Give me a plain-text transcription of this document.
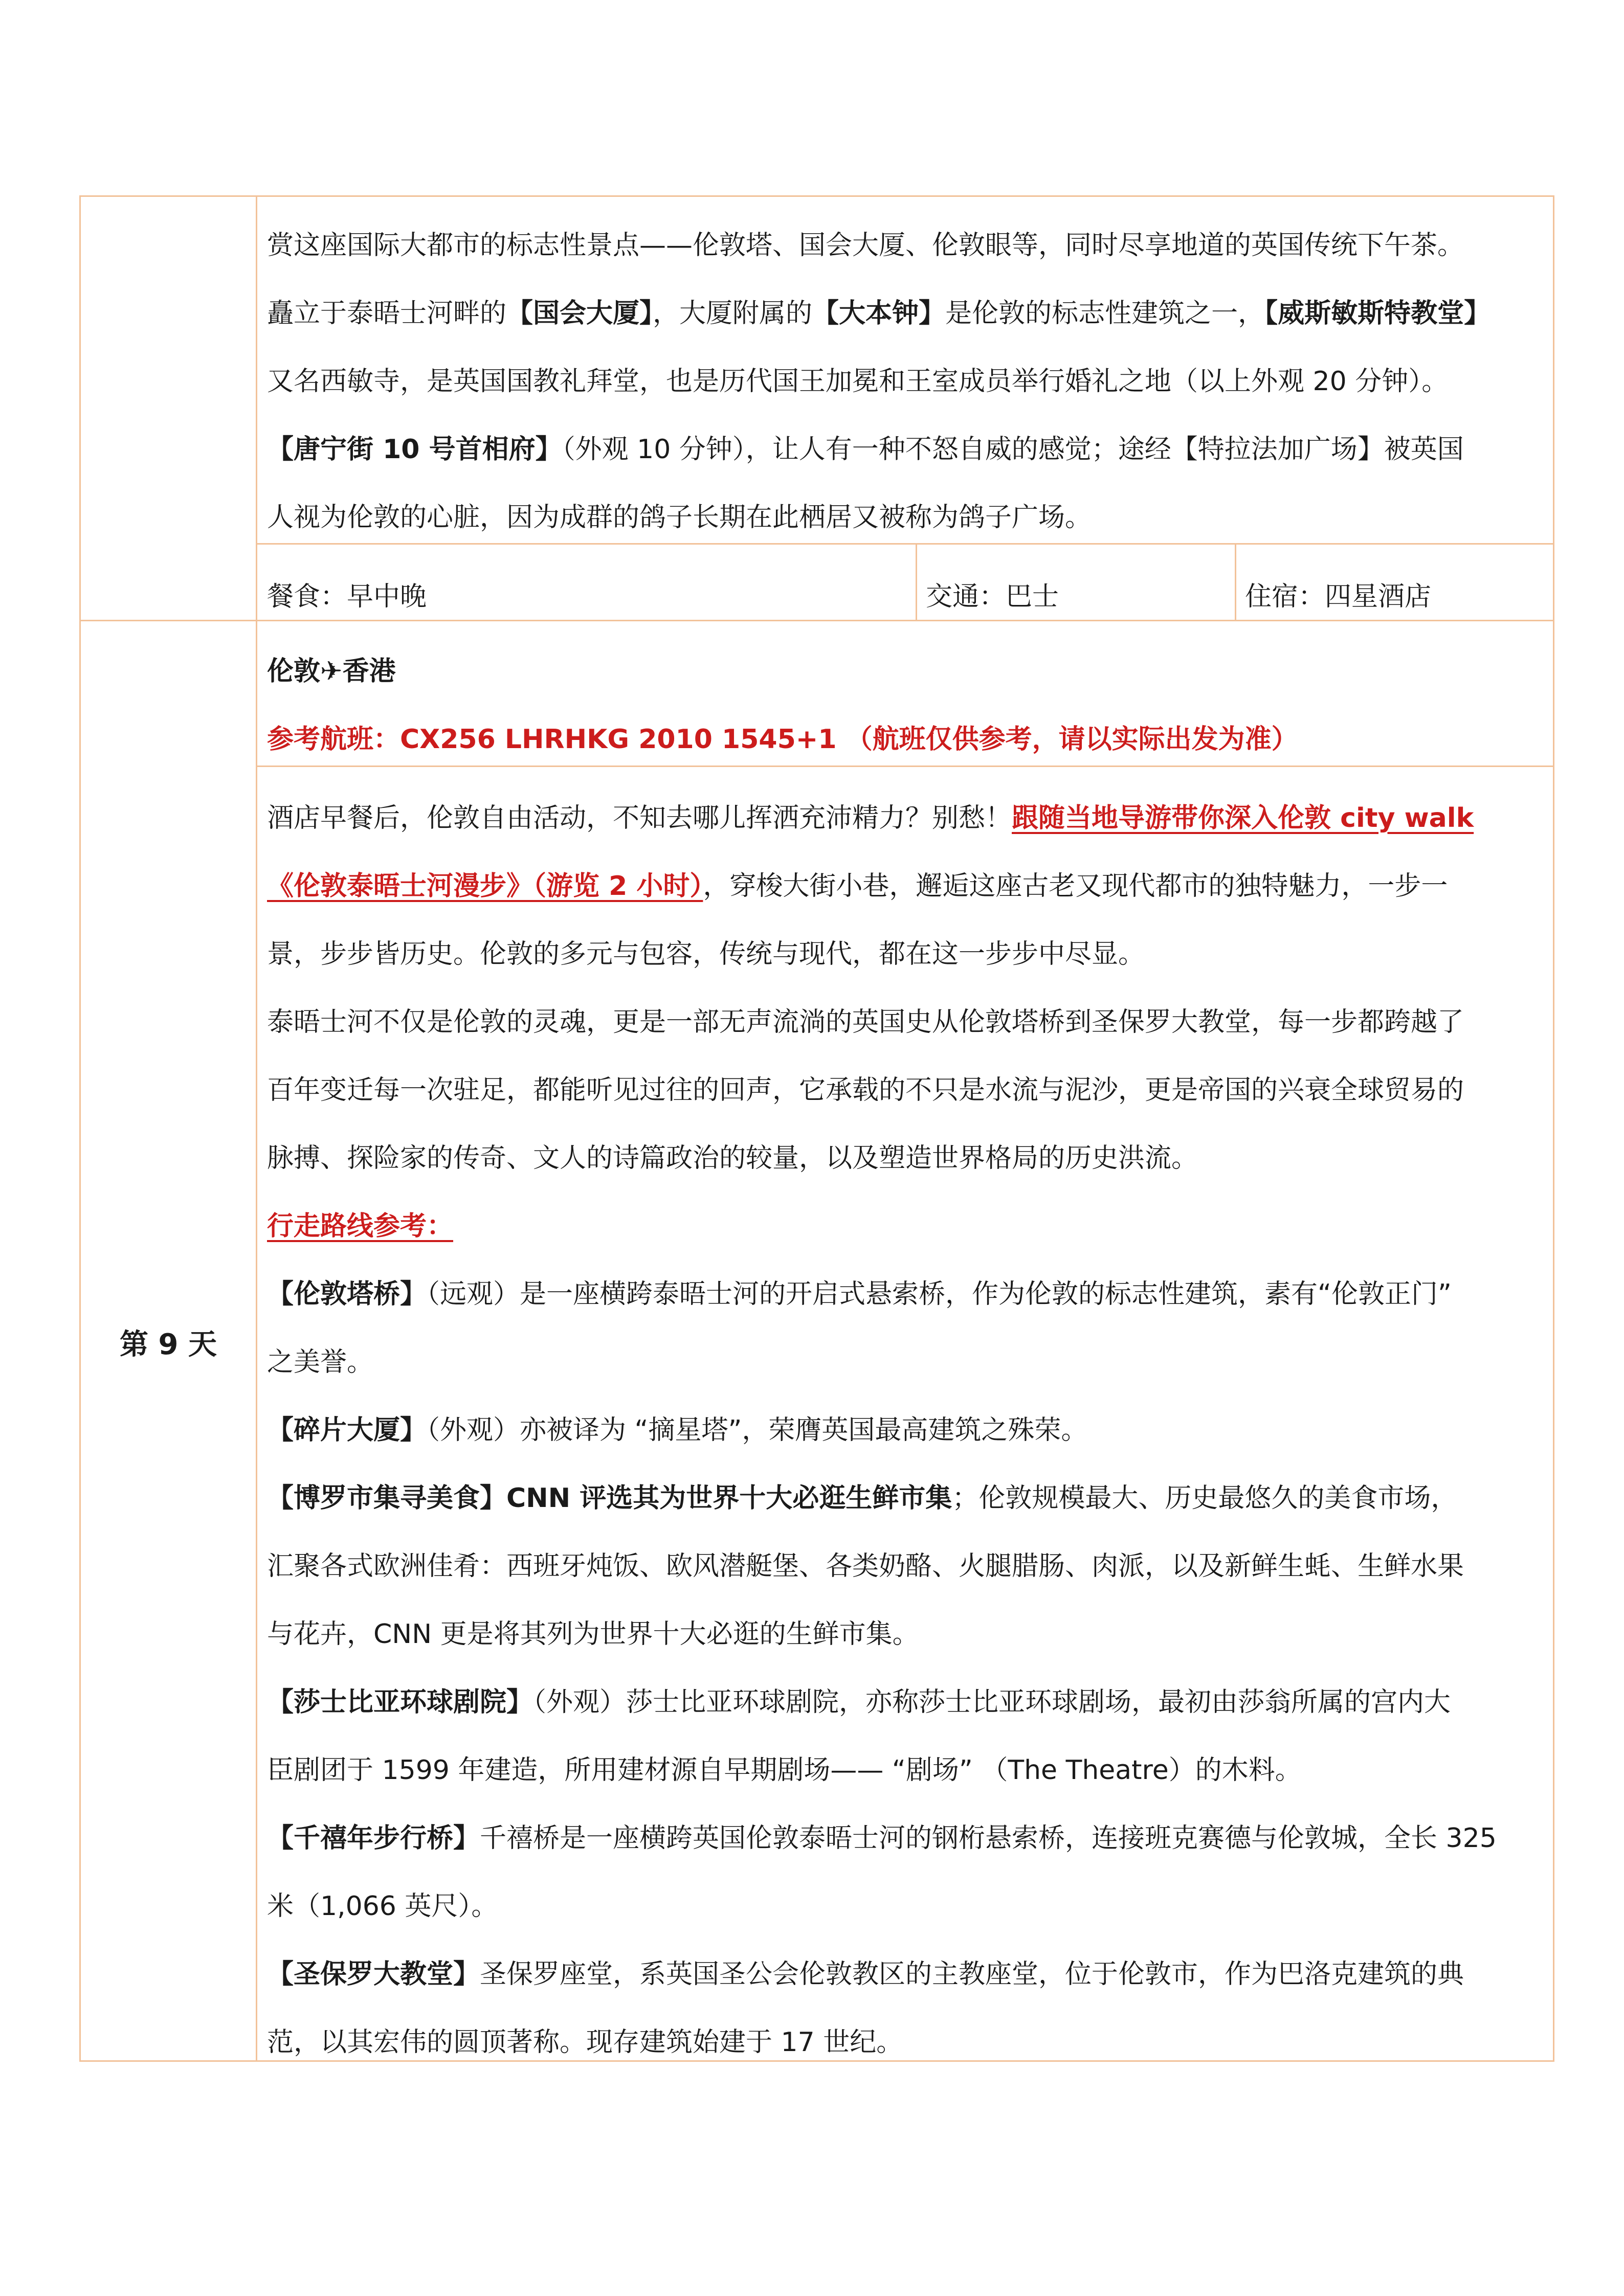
赏这座国际大都市的标志性景点——伦敦塔、国会大厦、伦敦眼等，同时尽享地道的英国传统下午茶。
矗立于泰晤士河畔的【国会大厦】，大厦附属的【大本钟】是伦敦的标志性建筑之一，【威斯敏斯特教堂】
又名西敏寺，是英国国教礼拜堂，也是历代国王加冕和王室成员举行婚礼之地（以上外观 20 分钟）。
【唐宁街 10 号首相府】（外观 10 分钟），让人有一种不怒自威的感觉；途经【特拉法加广场】被英国
人视为伦敦的心脏，因为成群的鸽子长期在此栖居又被称为鸽子广场。
餐食：早中晚	交通：巴士	住宿：四星酒店
第 9 天
伦敦✈香港
参考航班：CX256 LHRHKG 2010 1545+1 （航班仅供参考，请以实际出发为准）
酒店早餐后，伦敦自由活动，不知去哪儿挥洒充沛精力？别愁！跟随当地导游带你深入伦敦 city walk
《伦敦泰晤士河漫步》（游览 2 小时），穿梭大街小巷，邂逅这座古老又现代都市的独特魅力，一步一
景，步步皆历史。伦敦的多元与包容，传统与现代，都在这一步步中尽显。
泰晤士河不仅是伦敦的灵魂，更是一部无声流淌的英国史从伦敦塔桥到圣保罗大教堂，每一步都跨越了
百年变迁每一次驻足，都能听见过往的回声，它承载的不只是水流与泥沙，更是帝国的兴衰全球贸易的
脉搏、探险家的传奇、文人的诗篇政治的较量，以及塑造世界格局的历史洪流。
行走路线参考：
【伦敦塔桥】（远观）是一座横跨泰晤士河的开启式悬索桥，作为伦敦的标志性建筑，素有“伦敦正门”
之美誉。
【碎片大厦】（外观）亦被译为 “摘星塔”，荣膺英国最高建筑之殊荣。
【博罗市集寻美食】CNN 评选其为世界十大必逛生鲜市集；伦敦规模最大、历史最悠久的美食市场，
汇聚各式欧洲佳肴：西班牙炖饭、欧风潜艇堡、各类奶酪、火腿腊肠、肉派，以及新鲜生蚝、生鲜水果
与花卉，CNN 更是将其列为世界十大必逛的生鲜市集。
【莎士比亚环球剧院】（外观）莎士比亚环球剧院，亦称莎士比亚环球剧场，最初由莎翁所属的宫内大
臣剧团于 1599 年建造，所用建材源自早期剧场—— “剧场” （The Theatre）的木料。
【千禧年步行桥】千禧桥是一座横跨英国伦敦泰晤士河的钢桁悬索桥，连接班克赛德与伦敦城，全长 325
米（1,066 英尺）。
【圣保罗大教堂】圣保罗座堂，系英国圣公会伦敦教区的主教座堂，位于伦敦市，作为巴洛克建筑的典
范，以其宏伟的圆顶著称。现存建筑始建于 17 世纪。
